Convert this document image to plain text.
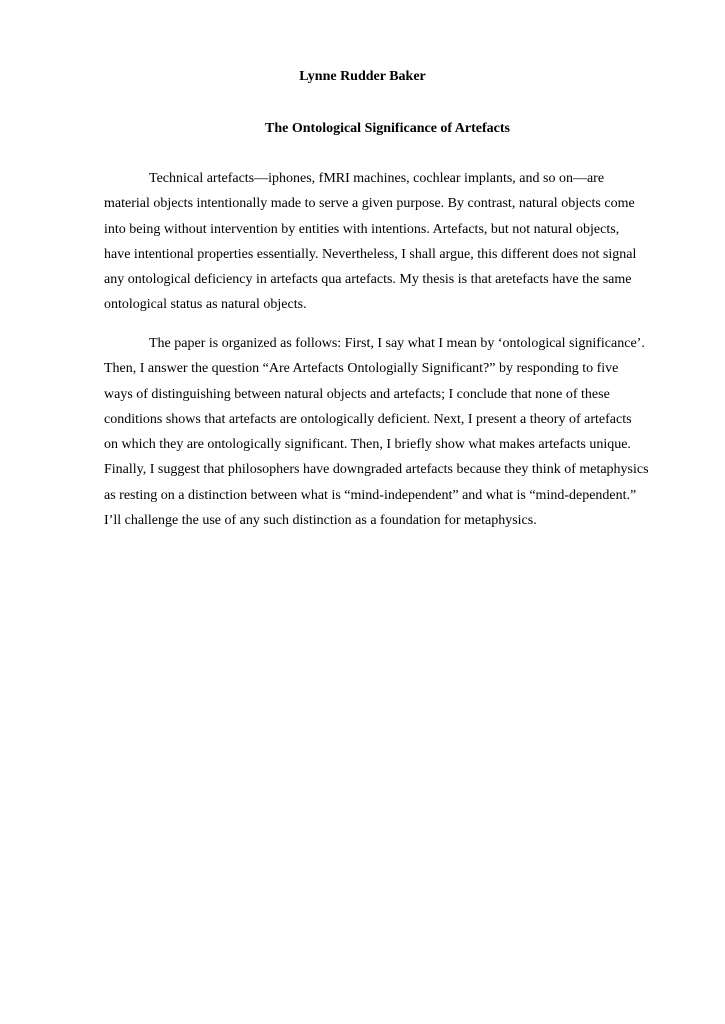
Lynne Rudder Baker
The Ontological Significance of Artefacts

Technical artefacts—iphones, fMRI machines, cochlear implants, and so on—are
material objects intentionally made to serve a given purpose. By contrast, natural objects come
into being without intervention by entities with intentions. Artefacts, but not natural objects,
have intentional properties essentially. Nevertheless, I shall argue, this different does not signal
any ontological deficiency in artefacts qua artefacts. My thesis is that aretefacts have the same
ontological status as natural objects.

The paper is organized as follows: First, I say what I mean by ‘ontological significance’.
Then, I answer the question “Are Artefacts Ontologially Significant?” by responding to five
ways of distinguishing between natural objects and artefacts; I conclude that none of these
conditions shows that artefacts are ontologically deficient. Next, I present a theory of artefacts
on which they are ontologically significant. Then, I briefly show what makes artefacts unique.
Finally, I suggest that philosophers have downgraded artefacts because they think of metaphysics
as resting on a distinction between what is “mind-independent” and what is “mind-dependent.”
I’ll challenge the use of any such distinction as a foundation for metaphysics.
